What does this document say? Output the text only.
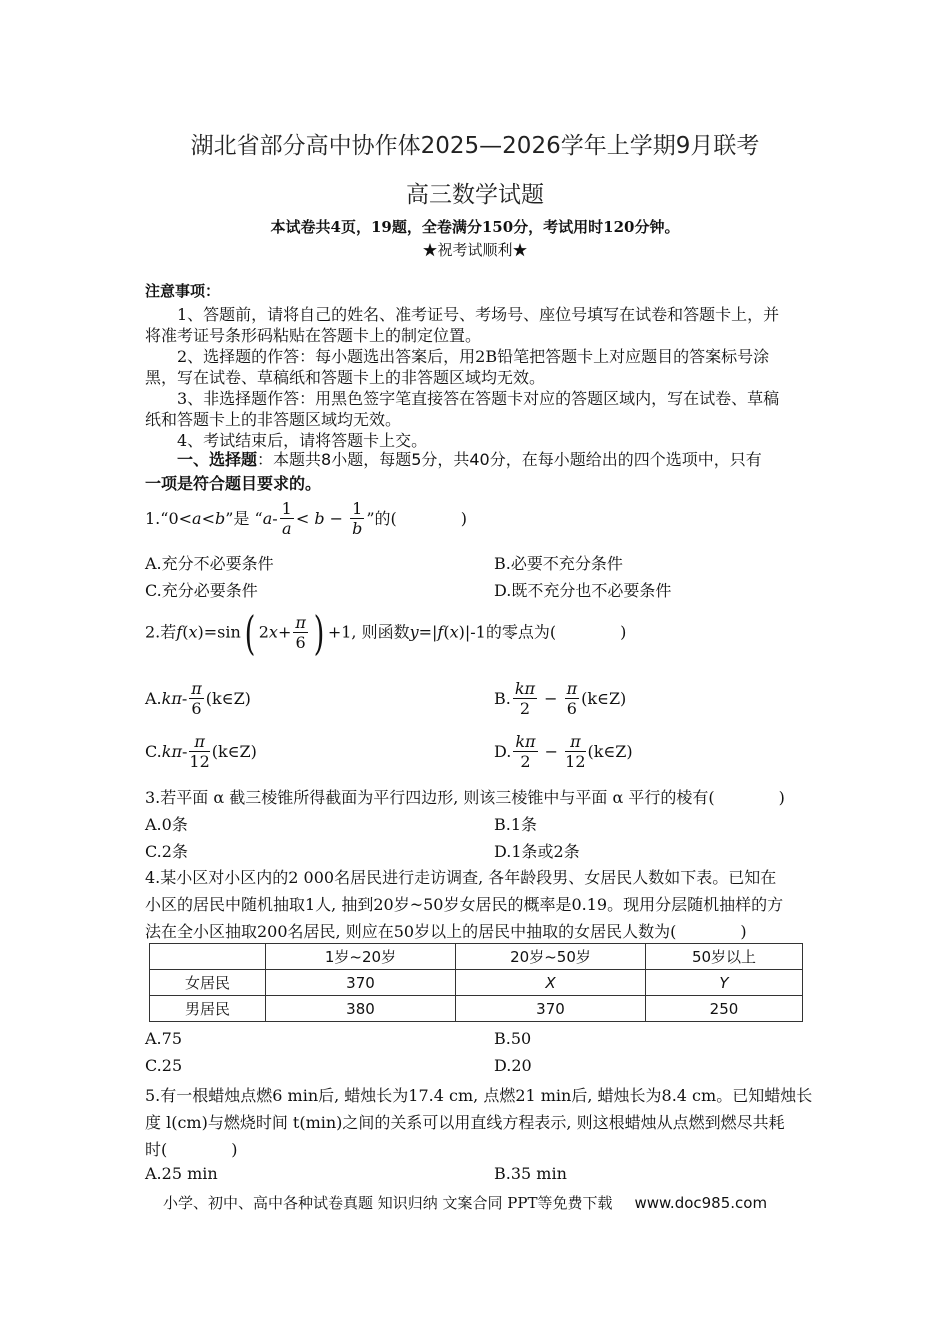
湖北省部分高中协作体2025—2026学年上学期9月联考
高三数学试题
本试卷共4页，19题，全卷满分150分，考试用时120分钟。
★祝考试顺利★
注意事项：
1、答题前，请将自己的姓名、准考证号、考场号、座位号填写在试卷和答题卡上，并
将准考证号条形码粘贴在答题卡上的制定位置。
2、选择题的作答：每小题选出答案后，用2B铅笔把答题卡上对应题目的答案标号涂
黑，写在试卷、草稿纸和答题卡上的非答题区域均无效。
3、非选择题作答：用黑色签字笔直接答在答题卡对应的答题区域内，写在试卷、草稿
纸和答题卡上的非答题区域均无效。
4、考试结束后，请将答题卡上交。
一、选择题：本题共8小题，每题5分，共40分，在每小题给出的四个选项中，只有
一项是符合题目要求的。
1.“0<a<b”是 “$a- \frac{1}{a} < b - \frac{1}{b}$ ”的(　　　　)
A.充分不必要条件	B.必要不充分条件
C.充分必要条件	D.既不充分也不必要条件
2.若f(x)=sin( $2x+ \frac{\pi}{6}$ ) +1, 则函数y=|f(x)|-1的零点为(　　　　)
$A.k\pi- \frac{\pi}{6}$ (k∈Z)	B. $\frac{k\pi}{2} - \frac{\pi}{6}$ (k∈Z)
$C.k\pi- \frac{\pi}{12}$ (k∈Z)	D. $\frac{k\pi}{2} - \frac{\pi}{12}$ (k∈Z)
3.若平面 α 截三棱锥所得截面为平行四边形, 则该三棱锥中与平面 α 平行的棱有(　　　　)
A.0条	B.1条
C.2条	D.1条或2条
4.某小区对小区内的2 000名居民进行走访调查, 各年龄段男、女居民人数如下表。已知在
小区的居民中随机抽取1人, 抽到20岁~50岁女居民的概率是0.19。现用分层随机抽样的方
法在全小区抽取200名居民, 则应在50岁以上的居民中抽取的女居民人数为(　　　　)
	1岁~20岁	20岁~50岁	50岁以上
女居民	370	X	Y
男居民	380	370	250
A.75	B.50
C.25	D.20
5.有一根蜡烛点燃6 min后, 蜡烛长为17.4 cm, 点燃21 min后, 蜡烛长为8.4 cm。已知蜡烛长
度 l(cm)与燃烧时间 t(min)之间的关系可以用直线方程表示, 则这根蜡烛从点燃到燃尽共耗
时(　　　　)
A.25 min	B.35 min
小学、初中、高中各种试卷真题 知识归纳 文案合同 PPT等免费下载 www.doc985.com
